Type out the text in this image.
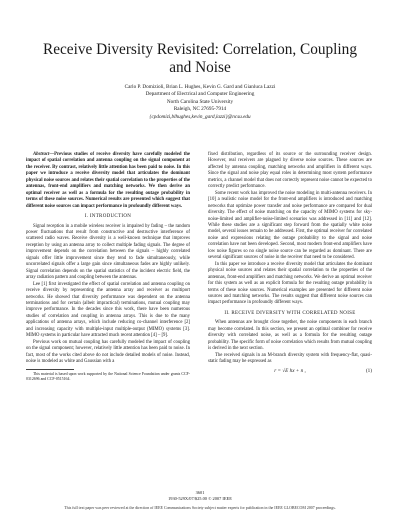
Receive Diversity Revisited: Correlation, Coupling
and Noise
Carlo P. Domizioli, Brian L. Hughes, Kevin G. Gard and Gianluca Lazzi
Department of Electrical and Computer Engineering
North Carolina State University
Raleigh, NC 27695-7914
{cpdomizi,blhughes,kevin_gard,lazzi}@ncsu.edu

Abstract—Previous studies of receive diversity have carefully modeled the impact of spatial correlation and antenna coupling on the signal component at the receiver. By contrast, relatively little attention has been paid to noise. In this paper we introduce a receive diversity model that articulates the dominant physical noise sources and relates their spatial correlation to the properties of the antennas, front-end amplifiers and matching networks. We then derive an optimal receiver as well as a formula for the resulting outage probability in terms of these noise sources. Numerical results are presented which suggest that different noise sources can impact performance in profoundly different ways.

I. INTRODUCTION

Signal reception in a mobile wireless receiver is impaired by fading – the random power fluctuations that result from constructive and destructive interference of scattered radio waves. Receive diversity is a well-known technique that improves reception by using an antenna array to collect multiple fading signals. The degree of improvement depends on the correlation between the signals – highly correlated signals offer little improvement since they tend to fade simultaneously, while uncorrelated signals offer a large gain since simultaneous fades are highly unlikely. Signal correlation depends on the spatial statistics of the incident electric field, the array radiation pattern and coupling between the antennas.

Lee [1] first investigated the effect of spatial correlation and antenna coupling on receive diversity by representing the antenna array and receiver as multiport networks. He showed that diversity performance was dependent on the antenna terminations and for certain (albeit impractical) terminations, mutual coupling may improve performance. In the decades since this work, there have been numerous studies of correlation and coupling in antenna arrays. This is due to the many applications of antenna arrays, which include reducing co-channel interference [2] and increasing capacity with multiple-input multiple-output (MIMO) systems [3]. MIMO systems in particular have attracted much recent attention [4] – [9].

Previous work on mutual coupling has carefully modeled the impact of coupling on the signal component; however, relatively little attention has been paid to noise. In fact, most of the works cited above do not include detailed models of noise. Instead, noise is modeled as white and Gaussian with a

This material is based upon work supported by the National Science Foundation under grants CCF-0312696 and CCF-0515164.

fixed distribution, regardless of its source or the surrounding receiver design. However, real receivers are plagued by diverse noise sources. These sources are affected by antenna coupling, matching networks and amplifiers in different ways. Since the signal and noise play equal roles in determining most system performance metrics, a channel model that does not correctly represent noise cannot be expected to correctly predict performance.

Some recent work has improved the noise modeling in multi-antenna receivers. In [10] a realistic noise model for the front-end amplifiers is introduced and matching networks that optimize power transfer and noise performance are compared for dual diversity. The effect of noise matching on the capacity of MIMO systems for sky-noise-limited and amplifier-noise-limited scenarios was addressed in [11] and [12]. While these studies are a significant step forward from the spatially white noise model, several issues remain to be addressed. First, the optimal receiver for correlated noise and expressions relating the outage probability to the signal and noise correlation have not been developed. Second, most modern front-end amplifiers have low noise figures so no single noise source can be regarded as dominant. There are several significant sources of noise in the receiver that need to be considered.

In this paper we introduce a receive diversity model that articulates the dominant physical noise sources and relates their spatial correlation to the properties of the antennas, front-end amplifiers and matching networks. We derive an optimal receiver for this system as well as an explicit formula for the resulting outage probability in terms of these noise sources. Numerical examples are presented for different noise sources and matching networks. The results suggest that different noise sources can impact performance in profoundly different ways.

II. RECEIVE DIVERSITY WITH CORRELATED NOISE

When antennas are brought close together, the noise components in each branch may become correlated. In this section, we present an optimal combiner for receive diversity with correlated noise, as well as a formula for the resulting outage probability. The specific form of noise correlation which results from mutual coupling is derived in the next section.

The received signals in an M-branch diversity system with frequency-flat, quasi-static fading may be expressed as

r = √E hx + n ,	(1)
3601
1930-529X/07/$25.00 © 2007 IEEE
This full text paper was peer reviewed at the direction of IEEE Communications Society subject matter experts for publication in the IEEE GLOBECOM 2007 proceedings.
